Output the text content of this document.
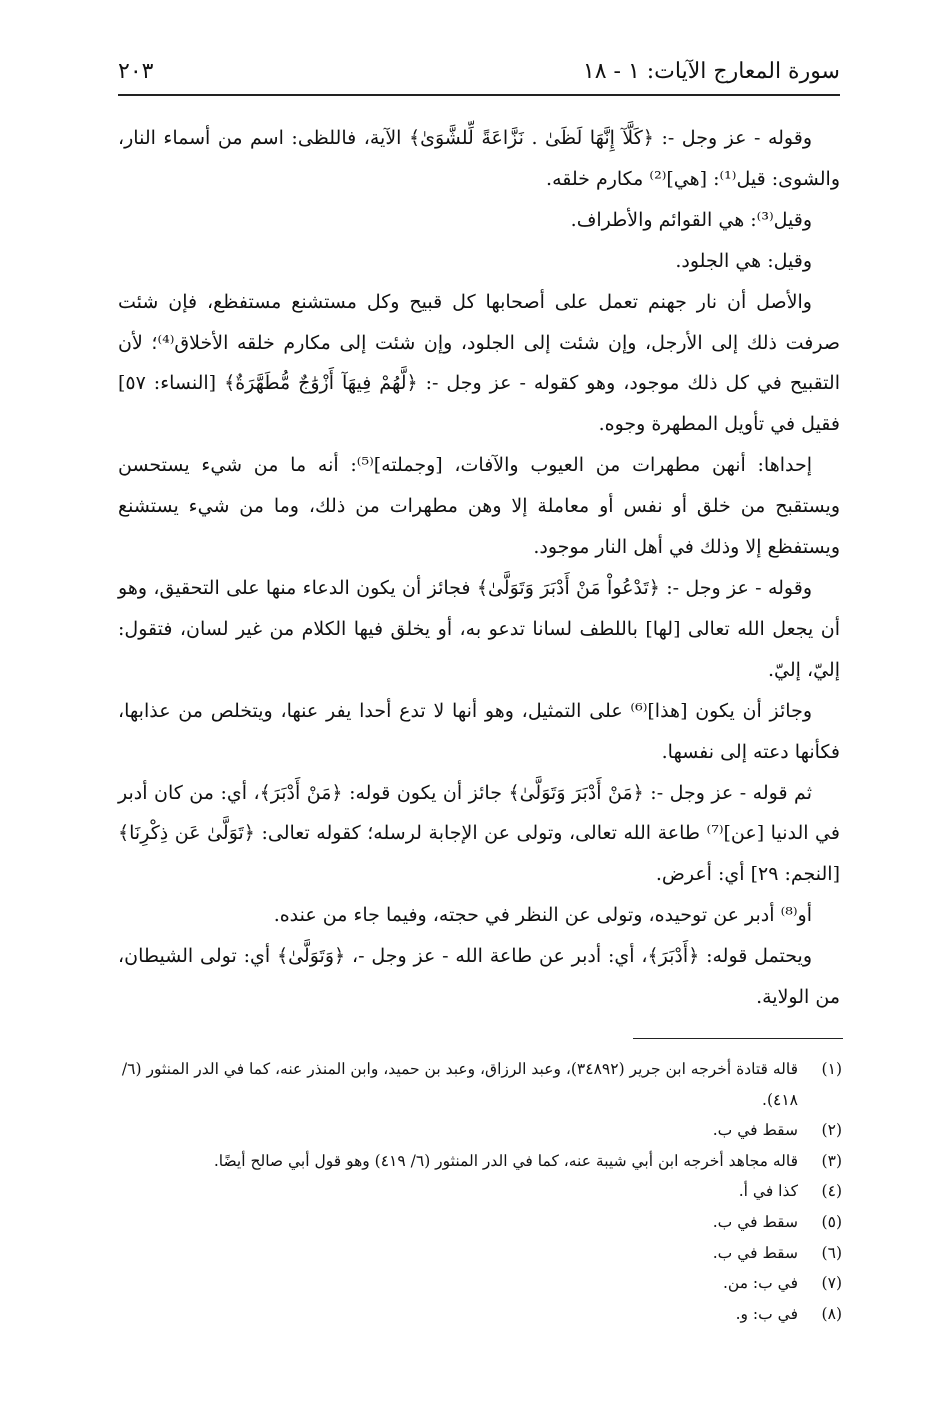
سورة المعارج الآيات: ١ - ١٨
٢٠٣

وقوله - عز وجل -: ﴿كَلَّآ إِنَّهَا لَظَىٰ . نَزَّاعَةً لِّلشَّوَىٰ﴾ الآية، فاللظى: اسم من أسماء النار، والشوى: قيل⁽¹⁾: [هي]⁽²⁾ مكارم خلقه.

وقيل⁽³⁾: هي القوائم والأطراف.

وقيل: هي الجلود.

والأصل أن نار جهنم تعمل على أصحابها كل قبيح وكل مستشنع مستفظع، فإن شئت صرفت ذلك إلى الأرجل، وإن شئت إلى الجلود، وإن شئت إلى مكارم خلقه الأخلاق⁽⁴⁾؛ لأن التقبيح في كل ذلك موجود، وهو كقوله - عز وجل -: ﴿لَّهُمْ فِيهَآ أَزْوَٰجٌ مُّطَهَّرَةٌ﴾ [النساء: ٥٧] فقيل في تأويل المطهرة وجوه.

إحداها: أنهن مطهرات من العيوب والآفات، [وجملته]⁽⁵⁾: أنه ما من شيء يستحسن ويستقبح من خلق أو نفس أو معاملة إلا وهن مطهرات من ذلك، وما من شيء يستشنع ويستفظع إلا وذلك في أهل النار موجود.

وقوله - عز وجل -: ﴿تَدْعُواْ مَنْ أَدْبَرَ وَتَوَلَّىٰ﴾ فجائز أن يكون الدعاء منها على التحقيق، وهو أن يجعل الله تعالى [لها] باللطف لسانا تدعو به، أو يخلق فيها الكلام من غير لسان، فتقول: إليّ، إليّ.

وجائز أن يكون [هذا]⁽⁶⁾ على التمثيل، وهو أنها لا تدع أحدا يفر عنها، ويتخلص من عذابها، فكأنها دعته إلى نفسها.

ثم قوله - عز وجل -: ﴿مَنْ أَدْبَرَ وَتَوَلَّىٰ﴾ جائز أن يكون قوله: ﴿مَنْ أَدْبَرَ﴾، أي: من كان أدبر في الدنيا [عن]⁽⁷⁾ طاعة الله تعالى، وتولى عن الإجابة لرسله؛ كقوله تعالى: ﴿تَوَلَّىٰ عَن ذِكْرِنَا﴾ [النجم: ٢٩] أي: أعرض.

أو⁽⁸⁾ أدبر عن توحيده، وتولى عن النظر في حجته، وفيما جاء من عنده.

ويحتمل قوله: ﴿أَدْبَرَ﴾، أي: أدبر عن طاعة الله - عز وجل -، ﴿وَتَوَلَّىٰ﴾ أي: تولى الشيطان، من الولاية.

(١)
قاله قتادة أخرجه ابن جرير (٣٤٨٩٢)، وعبد الرزاق، وعبد بن حميد، وابن المنذر عنه، كما في الدر المنثور (٦/ ٤١٨).
(٢)
سقط في ب.
(٣)
قاله مجاهد أخرجه ابن أبي شيبة عنه، كما في الدر المنثور (٦/ ٤١٩) وهو قول أبي صالح أيضًا.
(٤)
كذا في أ.
(٥)
سقط في ب.
(٦)
سقط في ب.
(٧)
في ب: من.
(٨)
في ب: و.
